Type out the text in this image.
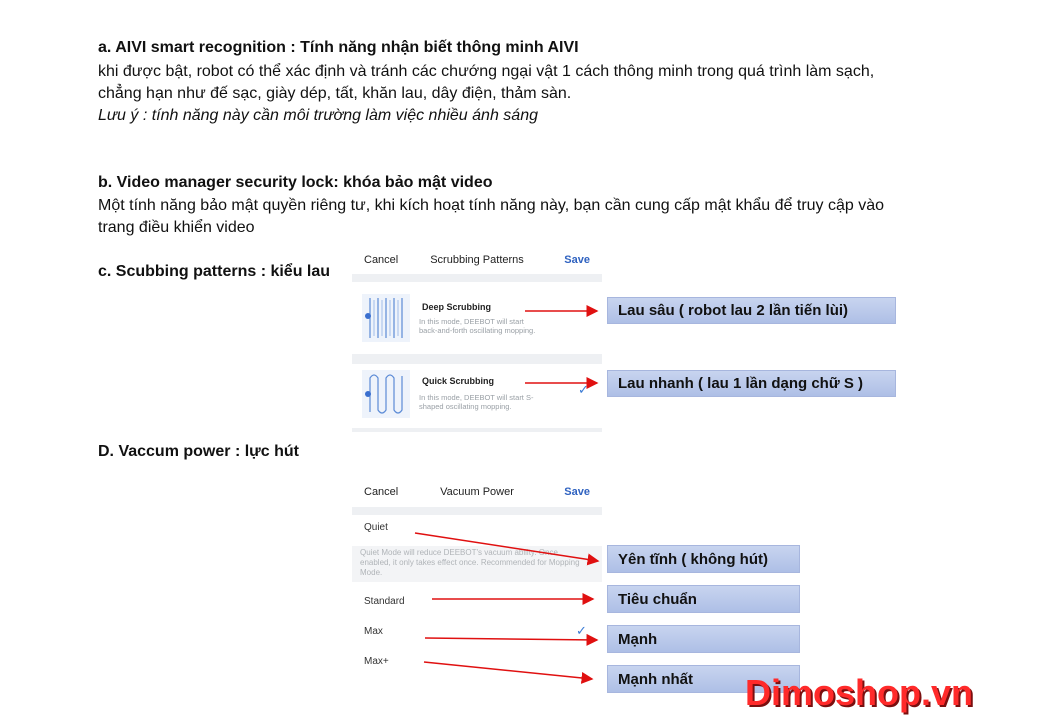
a. AIVI smart recognition : Tính năng nhận biết thông minh AIVI
khi được bật, robot có thể xác định và tránh các chướng ngại vật 1 cách thông minh trong quá trình làm sạch,
chẳng hạn như đế sạc, giày dép, tất, khăn lau, dây điện, thảm sàn.
Lưu ý : tính năng này cần môi trường làm việc nhiều ánh sáng
b. Video manager security lock: khóa bảo mật video
Một tính năng bảo mật quyền riêng tư, khi kích hoạt tính năng này, bạn cần cung cấp mật khẩu để truy cập vào
trang điều khiển video
c. Scubbing patterns : kiểu lau
Cancel	Scrubbing Patterns	Save
Deep Scrubbing
In this mode, DEEBOT will start back-and-forth oscillating mopping.
Quick Scrubbing
In this mode, DEEBOT will start S-shaped oscillating mopping.
✓
Lau sâu ( robot lau 2 lần tiến lùi)
Lau nhanh ( lau 1 lần dạng chữ S )
D. Vaccum power : lực hút
Cancel	Vacuum Power	Save
Quiet
Quiet Mode will reduce DEEBOT's vacuum ability. Once enabled, it only takes effect once. Recommended for Mopping Mode.
Standard
Max	✓
Max+
Yên tĩnh ( không hút)
Tiêu chuẩn
Mạnh
Mạnh nhất	Dimoshop.vn
